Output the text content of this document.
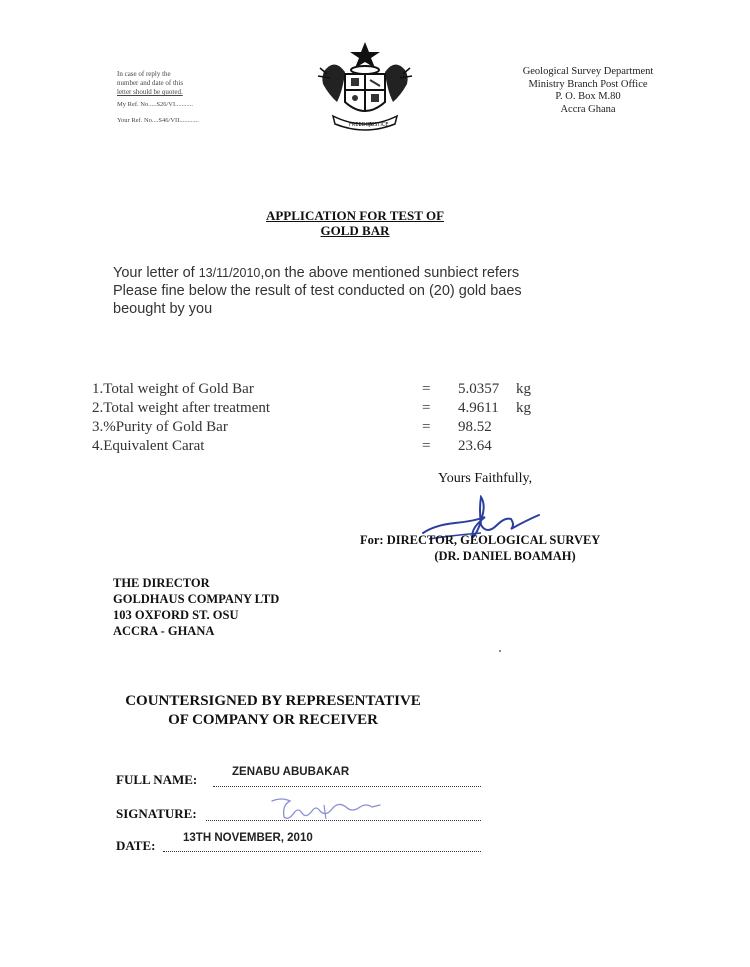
In case of reply the
number and date of this
letter should be quoted.
My Ref. No.....S26/VI...........
Your Ref. No....S46/VII............
FREEDOM
JUSTICE
Geological Survey Department
Ministry Branch Post Office
P. O. Box M.80
Accra Ghana
APPLICATION FOR TEST OF
GOLD BAR
Your letter of 13/11/2010,on the above mentioned sunbiect refers
Please fine below the result of test conducted on (20) gold baes
beought by you
1.Total weight of Gold Bar	= 5.0357 kg
2.Total weight after treatment	= 4.9611 kg
3.%Purity of Gold Bar	= 98.52
4.Equivalent Carat	= 23.64
Yours Faithfully,
For: DIRECTOR, GEOLOGICAL SURVEY
(DR. DANIEL BOAMAH)
THE DIRECTOR
GOLDHAUS COMPANY LTD
103 OXFORD ST. OSU
ACCRA - GHANA
COUNTERSIGNED BY REPRESENTATIVE
OF COMPANY OR RECEIVER
FULL NAME:	ZENABU ABUBAKAR
SIGNATURE:
DATE: 13TH NOVEMBER, 2010
